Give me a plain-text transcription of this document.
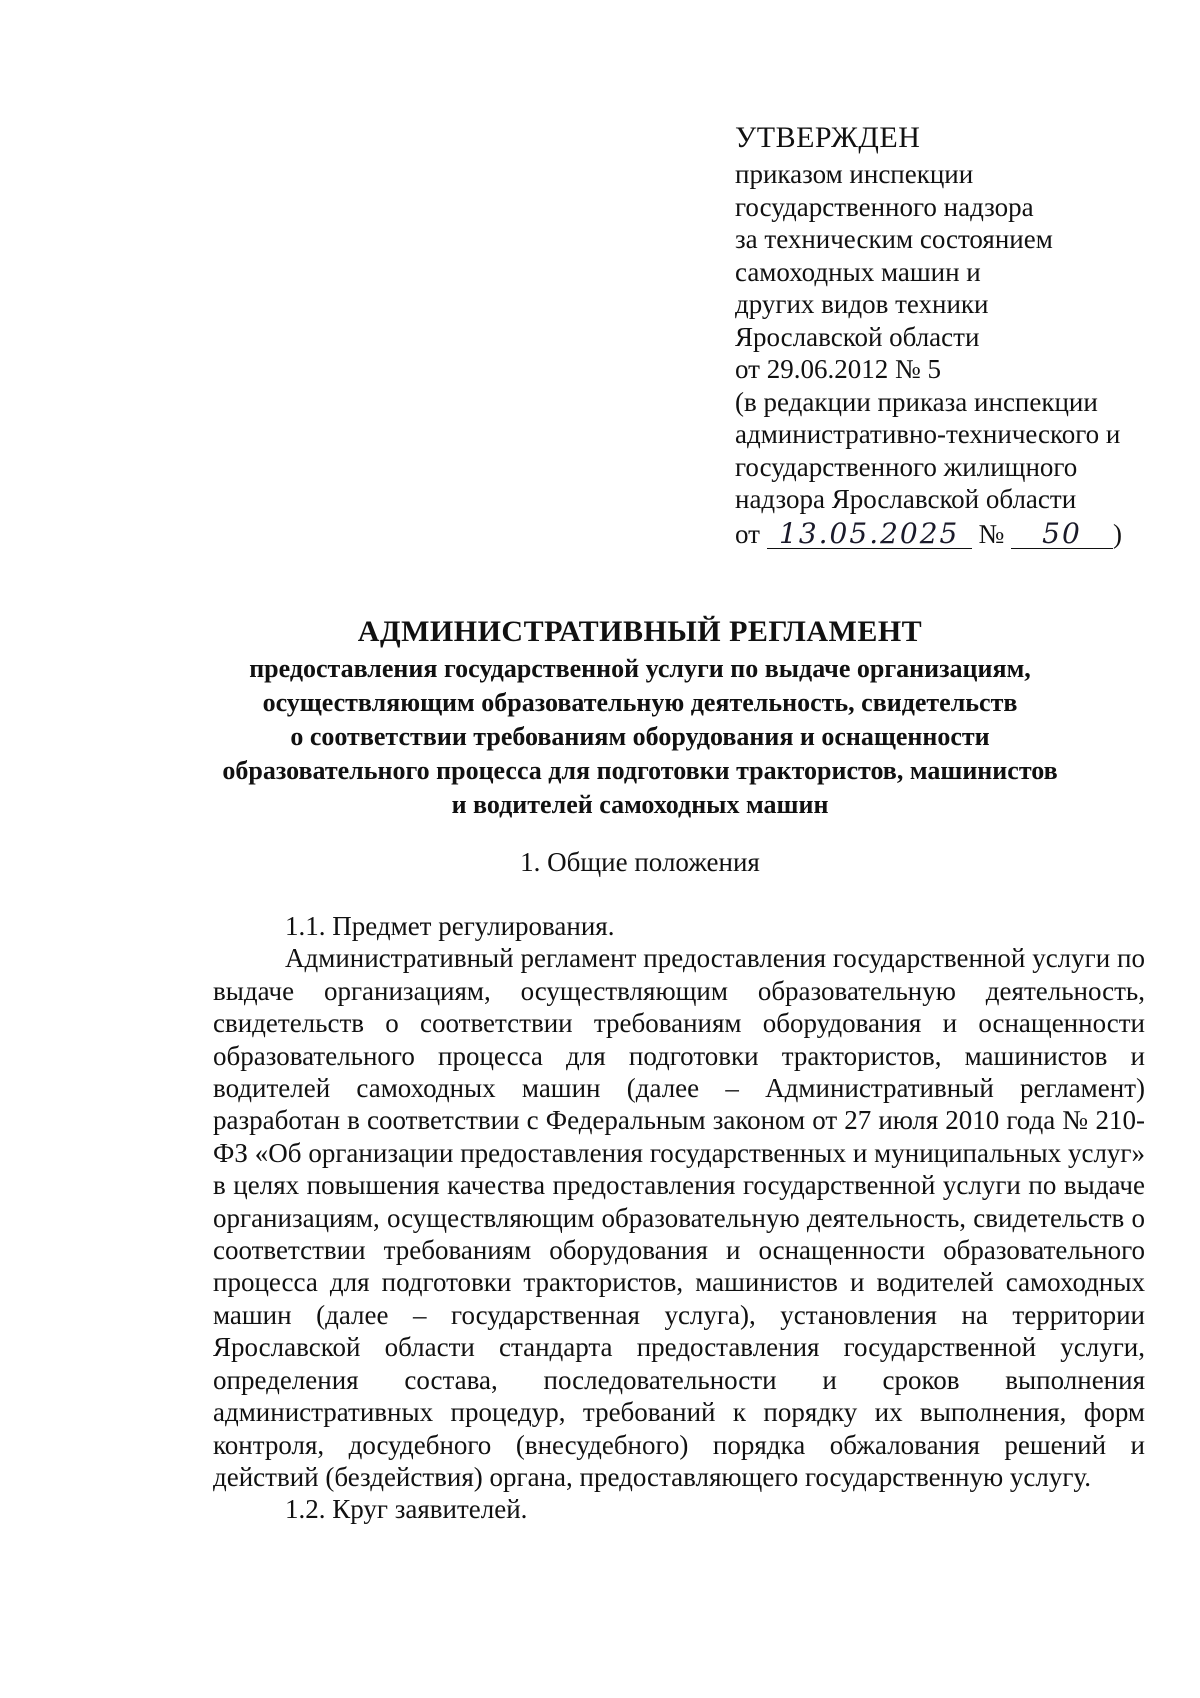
УТВЕРЖДЕН
приказом инспекции
государственного надзора
за техническим состоянием
самоходных машин и
других видов техники
Ярославской области
от 29.06.2012 № 5
(в редакции приказа инспекции
административно-технического и
государственного жилищного
надзора Ярославской области
от 13.05.2025 № 50 )
АДМИНИСТРАТИВНЫЙ РЕГЛАМЕНТ
предоставления государственной услуги по выдаче организациям,
осуществляющим образовательную деятельность, свидетельств
о соответствии требованиям оборудования и оснащенности
образовательного процесса для подготовки трактористов, машинистов
и водителей самоходных машин
1. Общие положения
1.1. Предмет регулирования.
Административный регламент предоставления государственной услуги по выдаче организациям, осуществляющим образовательную деятельность, свидетельств о соответствии требованиям оборудования и оснащенности образовательного процесса для подготовки трактористов, машинистов и водителей самоходных машин (далее – Административный регламент) разработан в соответствии с Федеральным законом от 27 июля 2010 года № 210-ФЗ «Об организации предоставления государственных и муниципальных услуг» в целях повышения качества предоставления государственной услуги по выдаче организациям, осуществляющим образовательную деятельность, свидетельств о соответствии требованиям оборудования и оснащенности образовательного процесса для подготовки трактористов, машинистов и водителей самоходных машин (далее – государственная услуга), установления на территории Ярославской области стандарта предоставления государственной услуги, определения состава, последовательности и сроков выполнения административных процедур, требований к порядку их выполнения, форм контроля, досудебного (внесудебного) порядка обжалования решений и действий (бездействия) органа, предоставляющего государственную услугу.
1.2. Круг заявителей.
